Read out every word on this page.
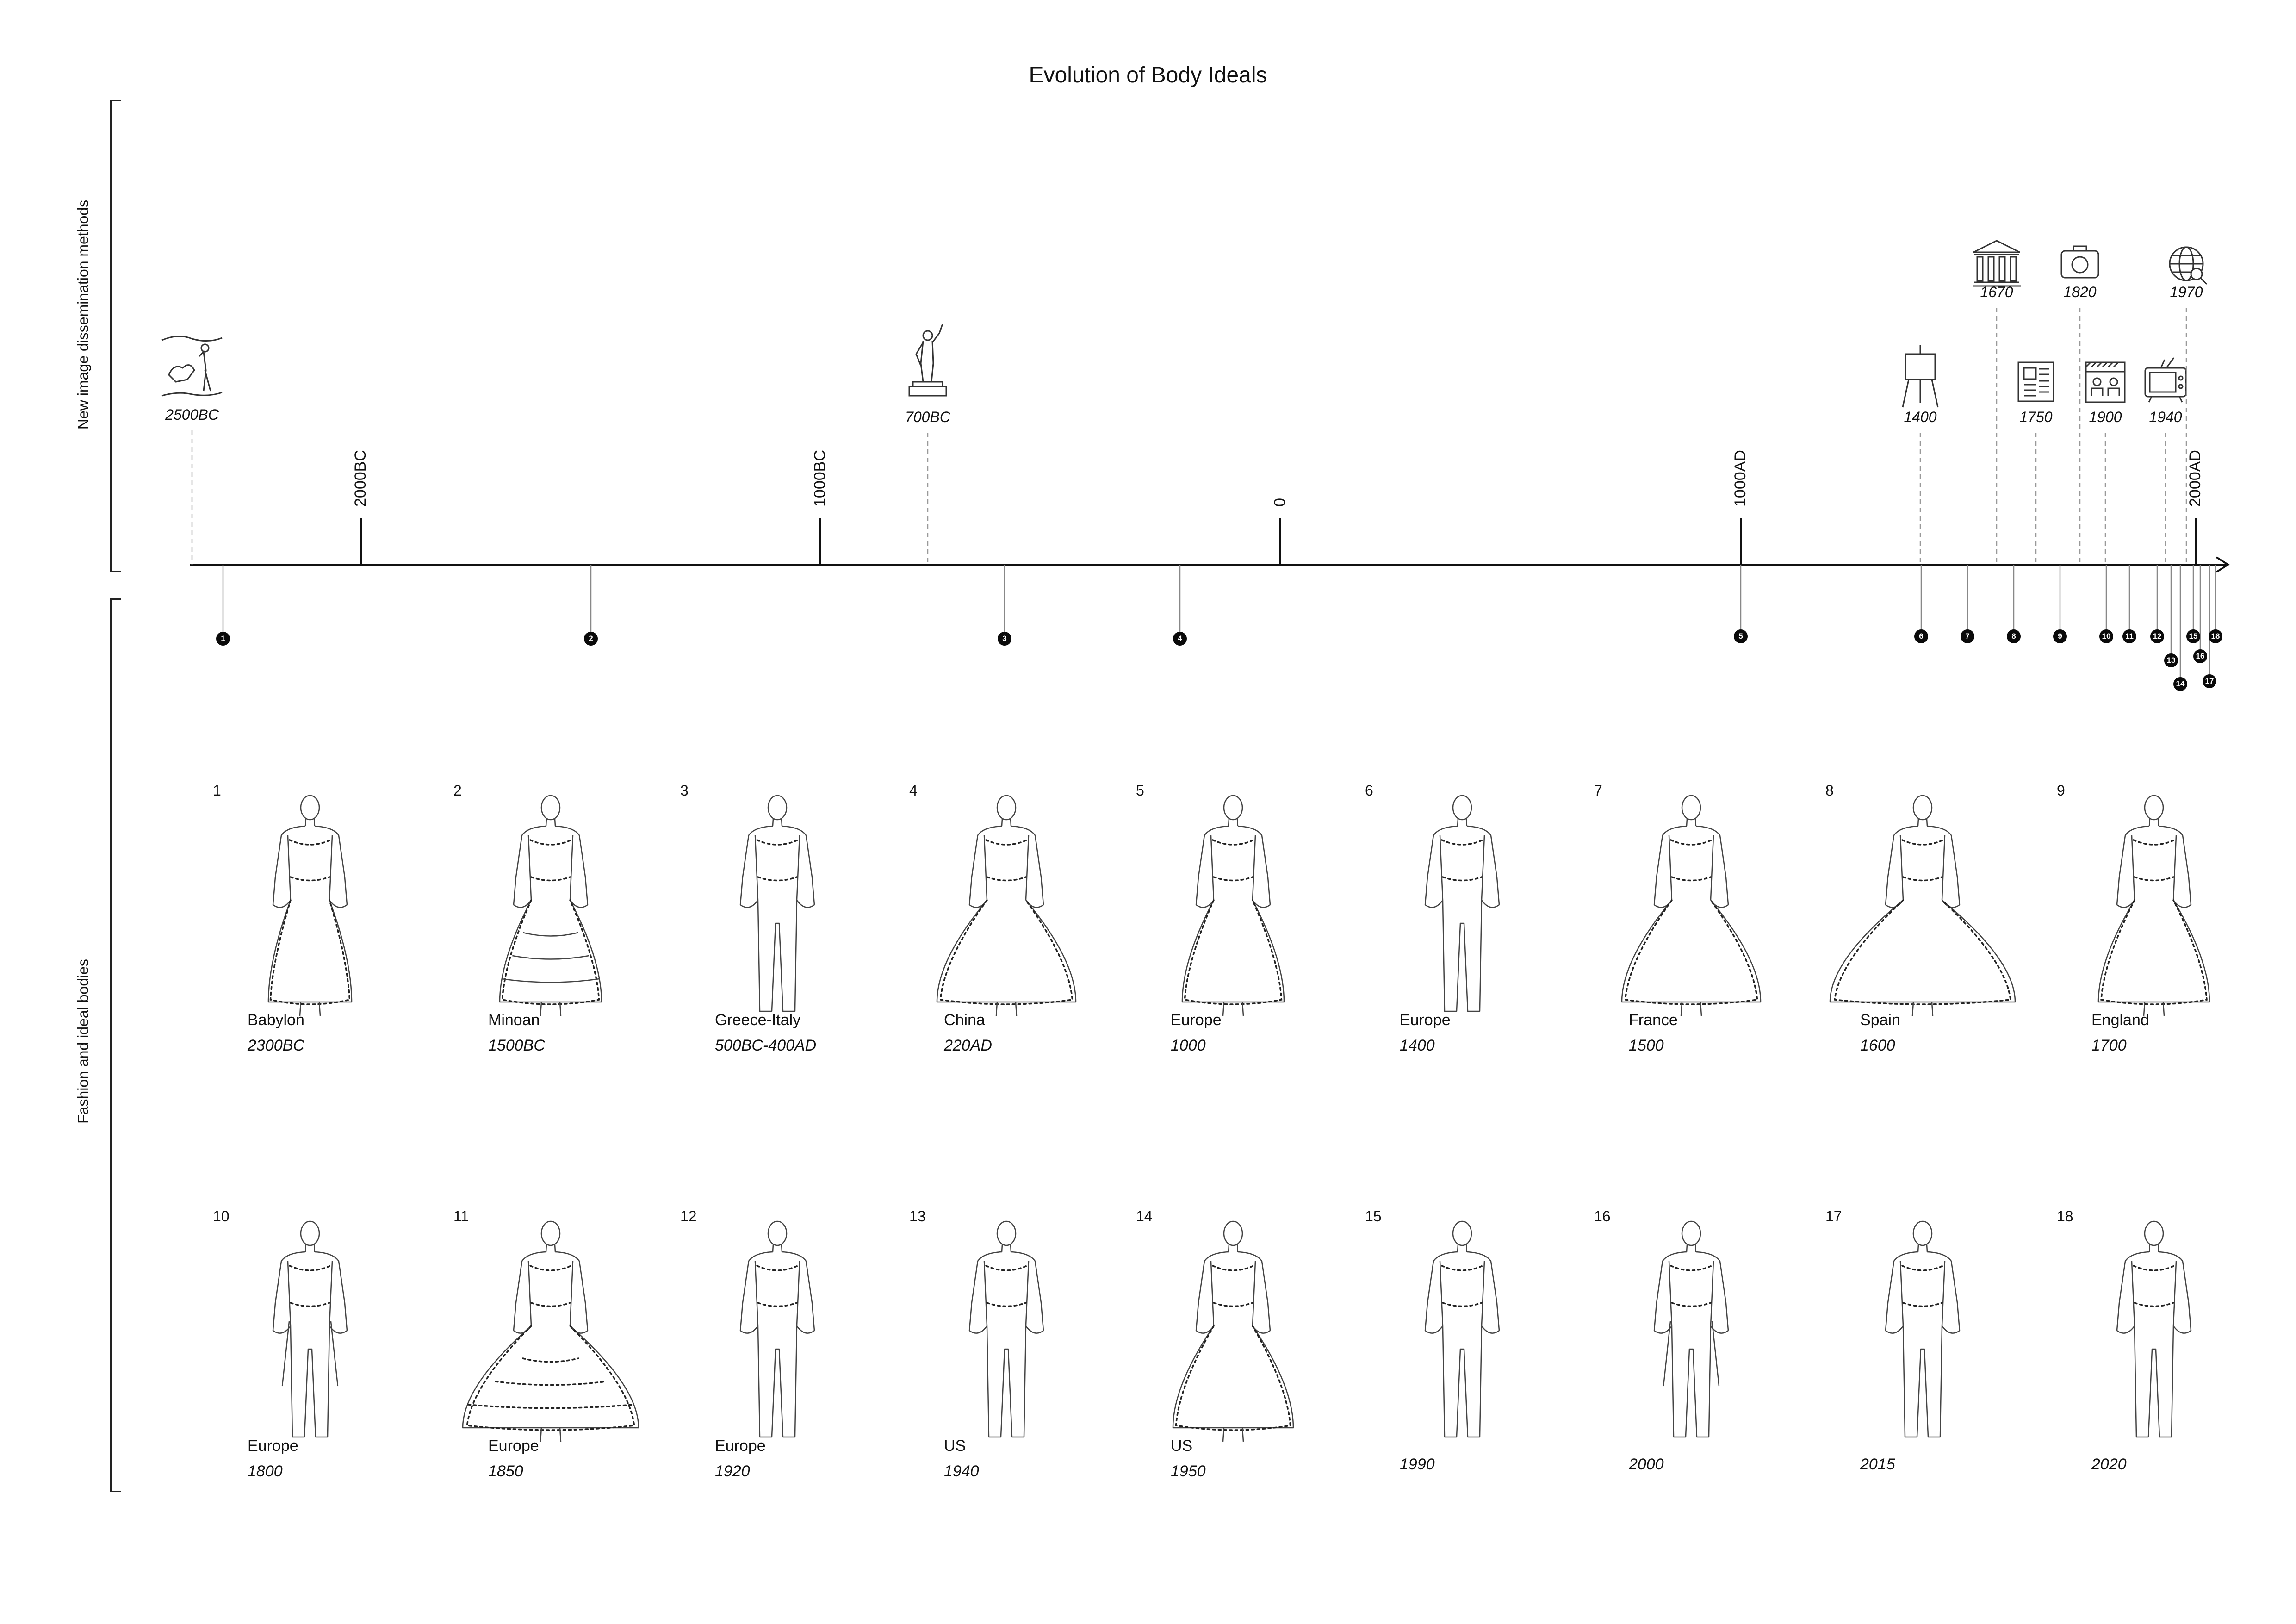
Evolution of Body Ideals
New image dissemination methods
Fashion and ideal bodies
2000BC	1000BC	0	1000AD	2000AD
2500BC	700BC	1400
1670
1750
1820
1900 1940
1970
1	2	3	4	5	6	7	8	9	10	11	12
13
14
15
16
17
18
1
Babylon
2300BC
2
Minoan
1500BC
3
Greece-Italy
500BC-400AD
4
China
220AD
5
Europe
1000
6
Europe
1400
7
France
1500
8
Spain
1600
9
England
1700
10
Europe
1800
11
Europe
1850
12
Europe
1920
13
US
1940
14
US
1950
15
1990
16
2000
17
2015
18
2020
